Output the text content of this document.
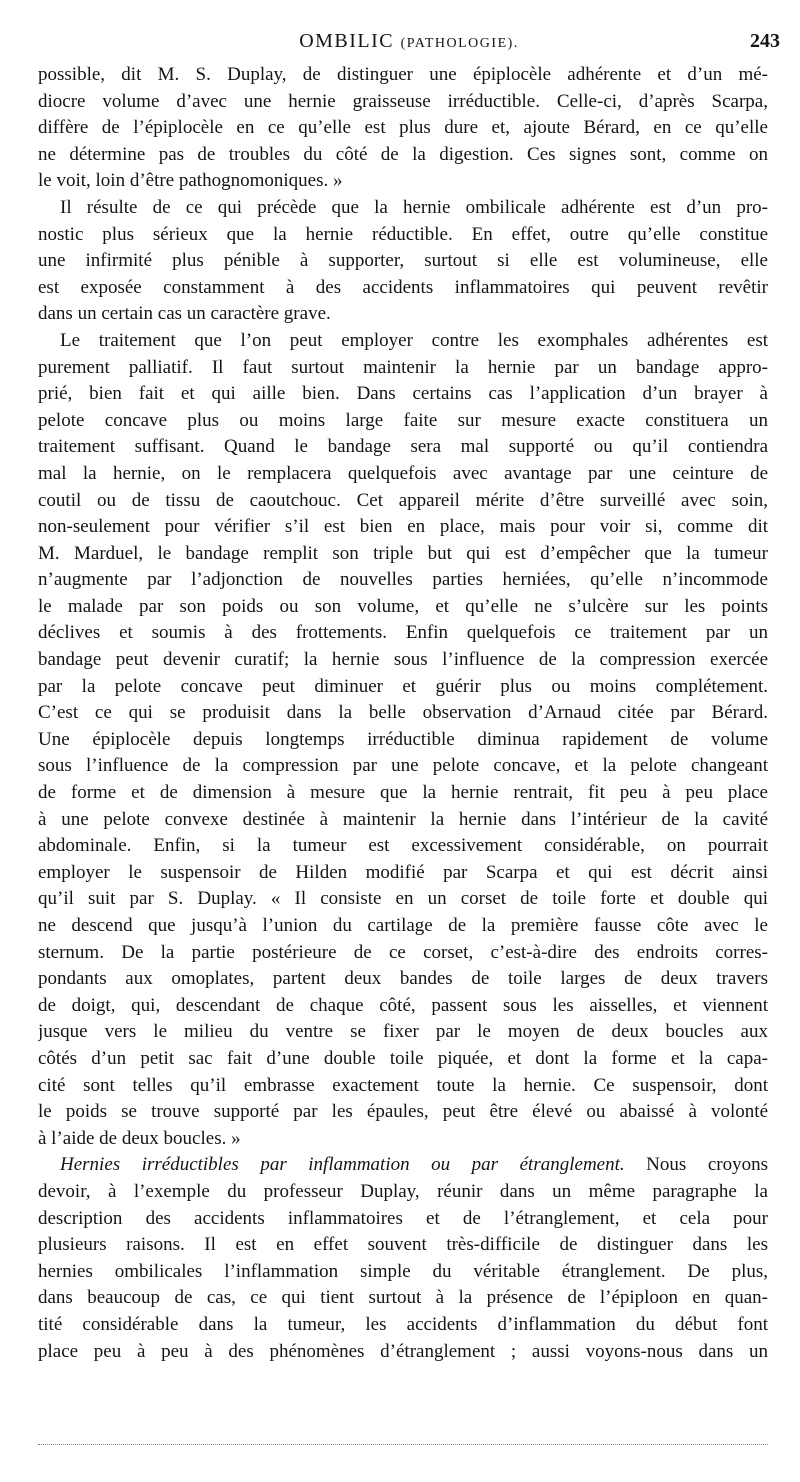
OMBILIC (PATHOLOGIE).	243
possible, dit M. S. Duplay, de distinguer une épiplocèle adhérente et d’un mé-
diocre volume d’avec une hernie graisseuse irréductible. Celle-ci, d’après Scarpa,
diffère de l’épiplocèle en ce qu’elle est plus dure et, ajoute Bérard, en ce qu’elle
ne détermine pas de troubles du côté de la digestion. Ces signes sont, comme on
le voit, loin d’être pathognomoniques. »
Il résulte de ce qui précède que la hernie ombilicale adhérente est d’un pro-
nostic plus sérieux que la hernie réductible. En effet, outre qu’elle constitue
une infirmité plus pénible à supporter, surtout si elle est volumineuse, elle
est exposée constamment à des accidents inflammatoires qui peuvent revêtir
dans un certain cas un caractère grave.
Le traitement que l’on peut employer contre les exomphales adhérentes est
purement palliatif. Il faut surtout maintenir la hernie par un bandage appro-
prié, bien fait et qui aille bien. Dans certains cas l’application d’un brayer à
pelote concave plus ou moins large faite sur mesure exacte constituera un
traitement suffisant. Quand le bandage sera mal supporté ou qu’il contiendra
mal la hernie, on le remplacera quelquefois avec avantage par une ceinture de
coutil ou de tissu de caoutchouc. Cet appareil mérite d’être surveillé avec soin,
non-seulement pour vérifier s’il est bien en place, mais pour voir si, comme dit
M. Marduel, le bandage remplit son triple but qui est d’empêcher que la tumeur
n’augmente par l’adjonction de nouvelles parties herniées, qu’elle n’incommode
le malade par son poids ou son volume, et qu’elle ne s’ulcère sur les points
déclives et soumis à des frottements. Enfin quelquefois ce traitement par un
bandage peut devenir curatif; la hernie sous l’influence de la compression exercée
par la pelote concave peut diminuer et guérir plus ou moins complétement.
C’est ce qui se produisit dans la belle observation d’Arnaud citée par Bérard.
Une épiplocèle depuis longtemps irréductible diminua rapidement de volume
sous l’influence de la compression par une pelote concave, et la pelote changeant
de forme et de dimension à mesure que la hernie rentrait, fit peu à peu place
à une pelote convexe destinée à maintenir la hernie dans l’intérieur de la cavité
abdominale. Enfin, si la tumeur est excessivement considérable, on pourrait
employer le suspensoir de Hilden modifié par Scarpa et qui est décrit ainsi
qu’il suit par S. Duplay. « Il consiste en un corset de toile forte et double qui
ne descend que jusqu’à l’union du cartilage de la première fausse côte avec le
sternum. De la partie postérieure de ce corset, c’est-à-dire des endroits corres-
pondants aux omoplates, partent deux bandes de toile larges de deux travers
de doigt, qui, descendant de chaque côté, passent sous les aisselles, et viennent
jusque vers le milieu du ventre se fixer par le moyen de deux boucles aux
côtés d’un petit sac fait d’une double toile piquée, et dont la forme et la capa-
cité sont telles qu’il embrasse exactement toute la hernie. Ce suspensoir, dont
le poids se trouve supporté par les épaules, peut être élevé ou abaissé à volonté
à l’aide de deux boucles. »
Hernies irréductibles par inflammation ou par étranglement. Nous croyons
devoir, à l’exemple du professeur Duplay, réunir dans un même paragraphe la
description des accidents inflammatoires et de l’étranglement, et cela pour
plusieurs raisons. Il est en effet souvent très-difficile de distinguer dans les
hernies ombilicales l’inflammation simple du véritable étranglement. De plus,
dans beaucoup de cas, ce qui tient surtout à la présence de l’épiploon en quan-
tité considérable dans la tumeur, les accidents d’inflammation du début font
place peu à peu à des phénomènes d’étranglement ; aussi voyons-nous dans un
